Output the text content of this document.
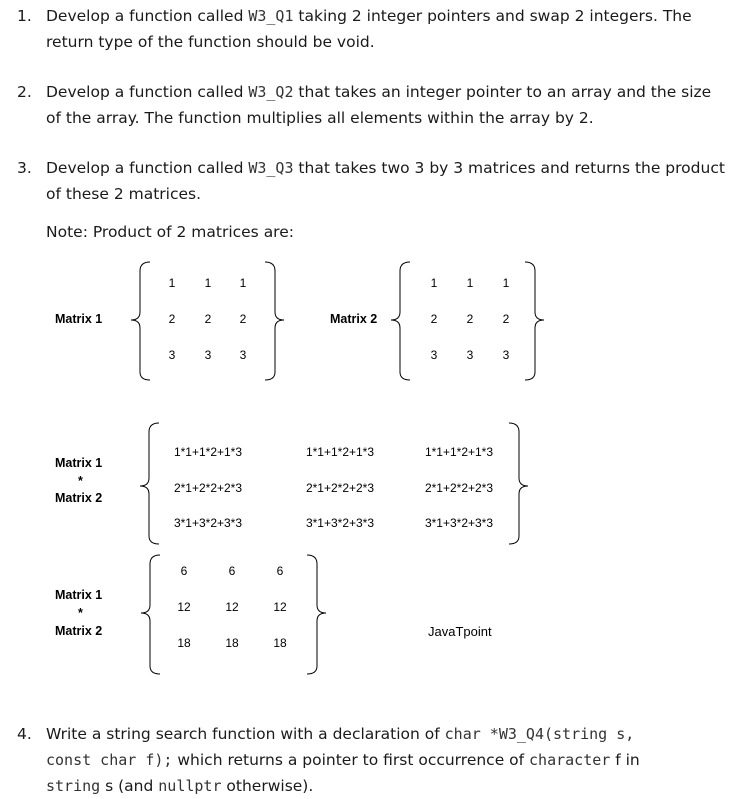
1. Develop a function called W3_Q1 taking 2 integer pointers and swap 2 integers. The
return type of the function should be void.
2. Develop a function called W3_Q2 that takes an integer pointer to an array and the size
of the array. The function multiplies all elements within the array by 2.
3. Develop a function called W3_Q3 that takes two 3 by 3 matrices and returns the product
of these 2 matrices.
Note: Product of 2 matrices are:
Matrix 1
1 1 1
2 2 2
3 3 3
Matrix 2
1 1 1
2 2 2
3 3 3
Matrix 1
*
Matrix 2
1*1+1*2+1*3	1*1+1*2+1*3	1*1+1*2+1*3
2*1+2*2+2*3	2*1+2*2+2*3	2*1+2*2+2*3
3*1+3*2+3*3	3*1+3*2+3*3	3*1+3*2+3*3
Matrix 1
*
Matrix 2
6	6	6
12	12	12
18	18	18
JavaTpoint
4. Write a string search function with a declaration of char *W3_Q4(string s,
const char f); which returns a pointer to first occurrence of character f in
string s (and nullptr otherwise).
